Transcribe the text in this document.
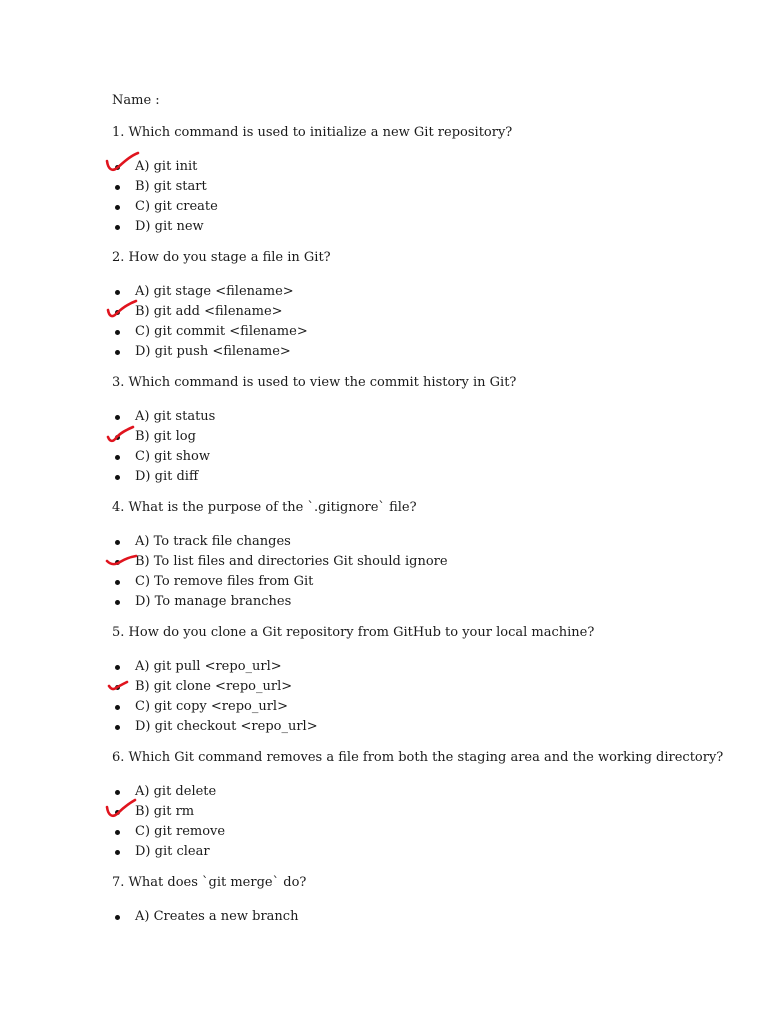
Name :

1. Which command is used to initialize a new Git repository?

A) git init
B) git start
C) git create
D) git new

2. How do you stage a file in Git?

A) git stage <filename>
B) git add <filename>
C) git commit <filename>
D) git push <filename>

3. Which command is used to view the commit history in Git?

A) git status
B) git log
C) git show
D) git diff

4. What is the purpose of the `.gitignore` file?

A) To track file changes
B) To list files and directories Git should ignore
C) To remove files from Git
D) To manage branches

5. How do you clone a Git repository from GitHub to your local machine?

A) git pull <repo_url>
B) git clone <repo_url>
C) git copy <repo_url>
D) git checkout <repo_url>

6. Which Git command removes a file from both the staging area and the working directory?

A) git delete
B) git rm
C) git remove
D) git clear

7. What does `git merge` do?

A) Creates a new branch
